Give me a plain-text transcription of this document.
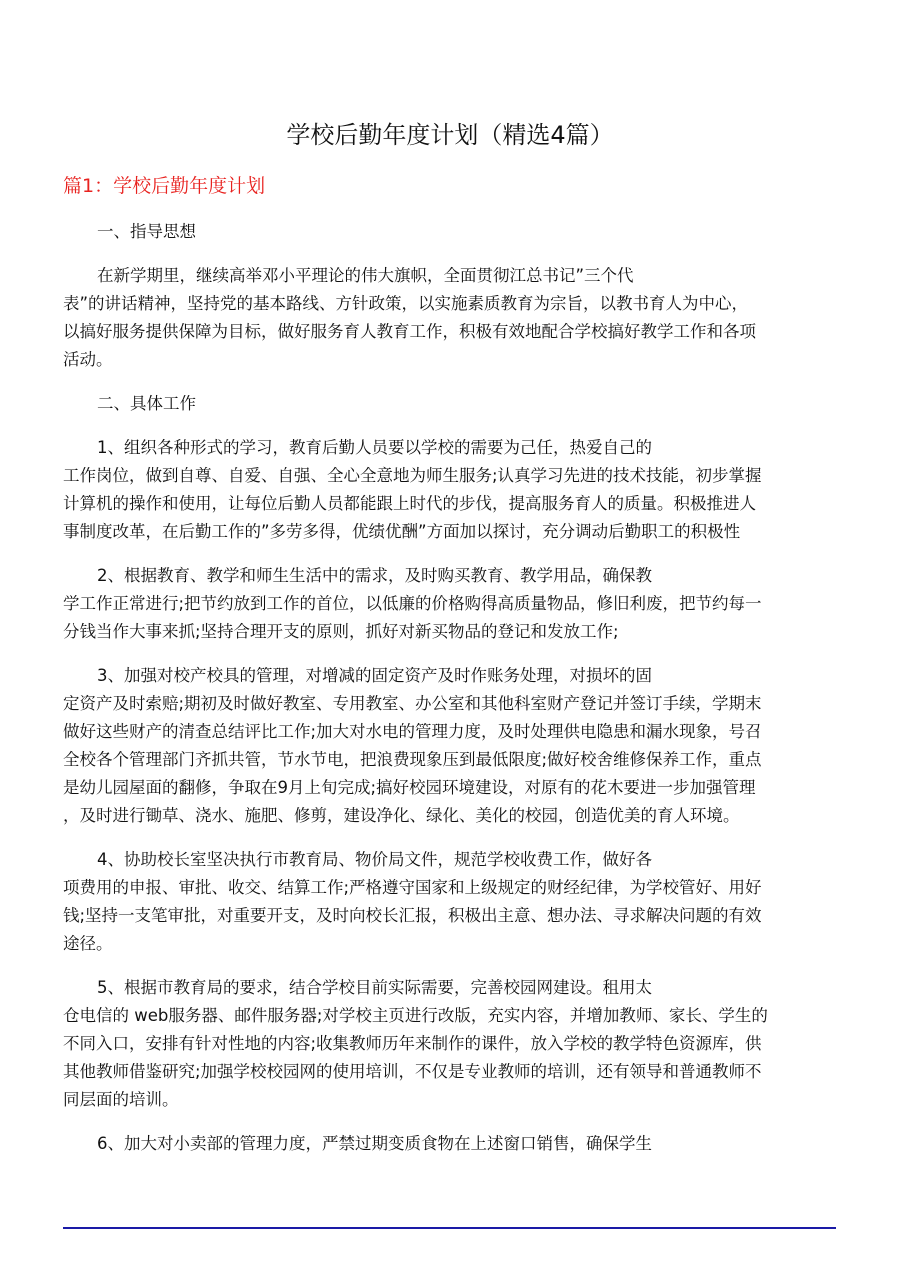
学校后勤年度计划（精选4篇）
篇1：学校后勤年度计划
一、指导思想
在新学期里，继续高举邓小平理论的伟大旗帜，全面贯彻江总书记”三个代
表”的讲话精神，坚持党的基本路线、方针政策，以实施素质教育为宗旨，以教书育人为中心，
以搞好服务提供保障为目标，做好服务育人教育工作，积极有效地配合学校搞好教学工作和各项
活动。
二、具体工作
1、组织各种形式的学习，教育后勤人员要以学校的需要为己任，热爱自己的
工作岗位，做到自尊、自爱、自强、全心全意地为师生服务;认真学习先进的技术技能，初步掌握
计算机的操作和使用，让每位后勤人员都能跟上时代的步伐，提高服务育人的质量。积极推进人
事制度改革，在后勤工作的”多劳多得，优绩优酬”方面加以探讨，充分调动后勤职工的积极性
2、根据教育、教学和师生生活中的需求，及时购买教育、教学用品，确保教
学工作正常进行;把节约放到工作的首位，以低廉的价格购得高质量物品，修旧利废，把节约每一
分钱当作大事来抓;坚持合理开支的原则，抓好对新买物品的登记和发放工作;
3、加强对校产校具的管理，对增减的固定资产及时作账务处理，对损坏的固
定资产及时索赔;期初及时做好教室、专用教室、办公室和其他科室财产登记并签订手续，学期末
做好这些财产的清查总结评比工作;加大对水电的管理力度，及时处理供电隐患和漏水现象，号召
全校各个管理部门齐抓共管，节水节电，把浪费现象压到最低限度;做好校舍维修保养工作，重点
是幼儿园屋面的翻修，争取在9月上旬完成;搞好校园环境建设，对原有的花木要进一步加强管理
，及时进行锄草、浇水、施肥、修剪，建设净化、绿化、美化的校园，创造优美的育人环境。
4、协助校长室坚决执行市教育局、物价局文件，规范学校收费工作，做好各
项费用的申报、审批、收交、结算工作;严格遵守国家和上级规定的财经纪律，为学校管好、用好
钱;坚持一支笔审批，对重要开支，及时向校长汇报，积极出主意、想办法、寻求解决问题的有效
途径。
5、根据市教育局的要求，结合学校目前实际需要，完善校园网建设。租用太
仓电信的 web服务器、邮件服务器;对学校主页进行改版，充实内容，并增加教师、家长、学生的
不同入口，安排有针对性地的内容;收集教师历年来制作的课件，放入学校的教学特色资源库，供
其他教师借鉴研究;加强学校校园网的使用培训，不仅是专业教师的培训，还有领导和普通教师不
同层面的培训。
6、加大对小卖部的管理力度，严禁过期变质食物在上述窗口销售，确保学生
